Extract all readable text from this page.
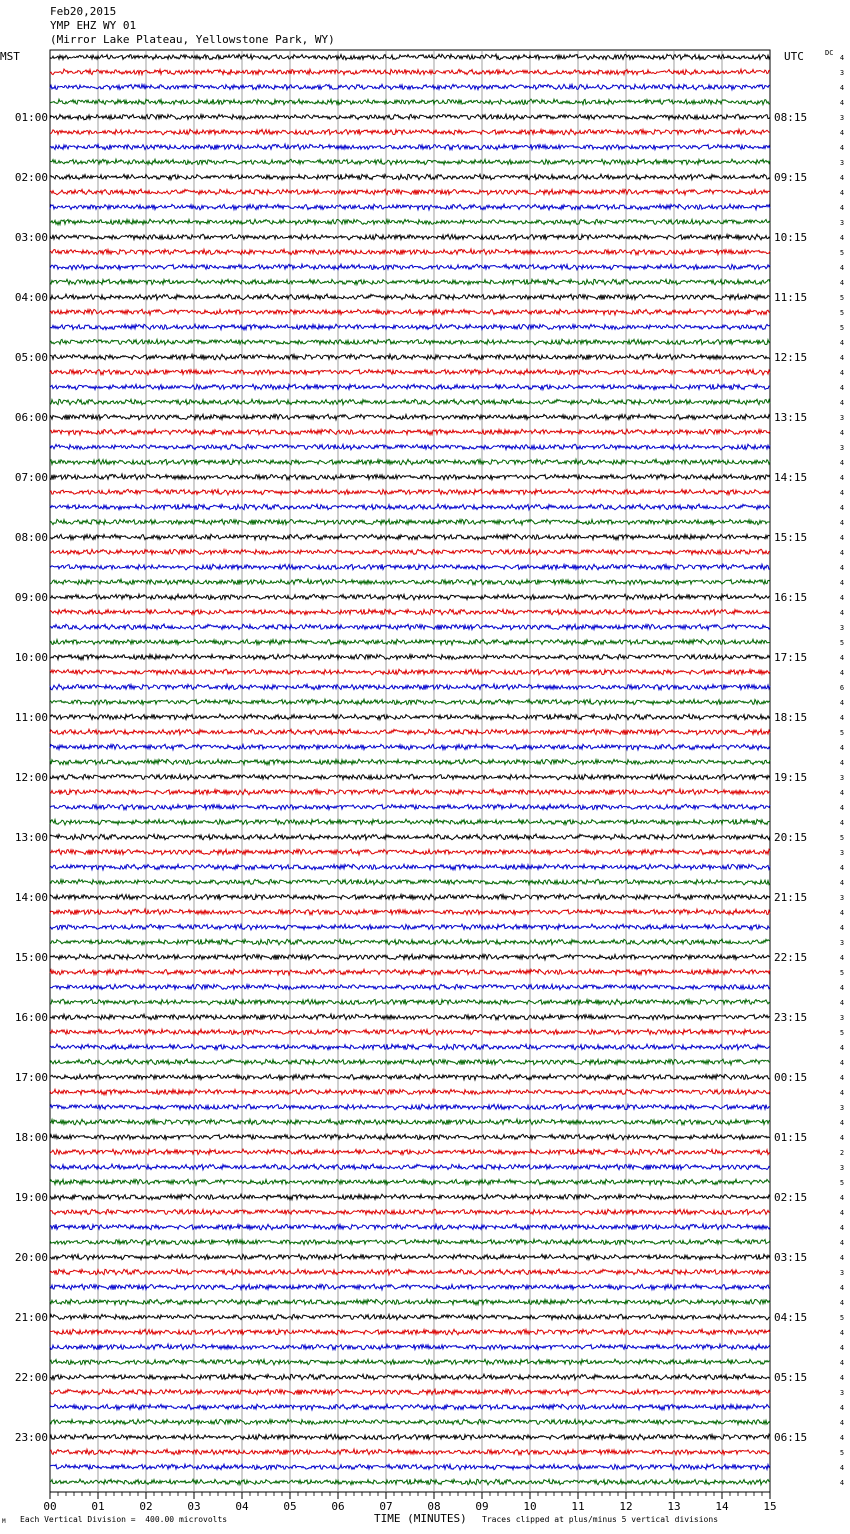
Feb20,2015
YMP EHZ WY 01
(Mirror Lake Plateau, Yellowstone Park, WY)
MST	UTC	DC
4
3
4
4
3
4
4
3
4
4
4
3
4
5
4
4
5
5
5
4
4
4
4
4
3
4
3
4
4
4
4
4
4
4
4
4
4
4
3
5
4
4
6
4
4
5
4
4
3
4
4
4
5
3
4
4
3
4
4
3
4
5
4
4
3
5
4
4
4
4
3
4
4
2
3
5
4
4
4
4
4
3
4
4
5
4
4
4
4
3
4
4
4
5
4
4
01:00	08:15
02:00	09:15
03:00	10:15
04:00	11:15
05:00	12:15
06:00	13:15
07:00	14:15
08:00	15:15
09:00	16:15
10:00	17:15
11:00	18:15
12:00	19:15
13:00	20:15
14:00	21:15
15:00	22:15
16:00	23:15
17:00	00:15
18:00	01:15
19:00	02:15
20:00	03:15
21:00	04:15
22:00	05:15
23:00	06:15
00	01	02	03	04	05	06	07	08	09	10	11	12	13	14	15
M Each Vertical Division =  400.00 microvolts	TIME (MINUTES) Traces clipped at plus/minus 5 vertical divisions
